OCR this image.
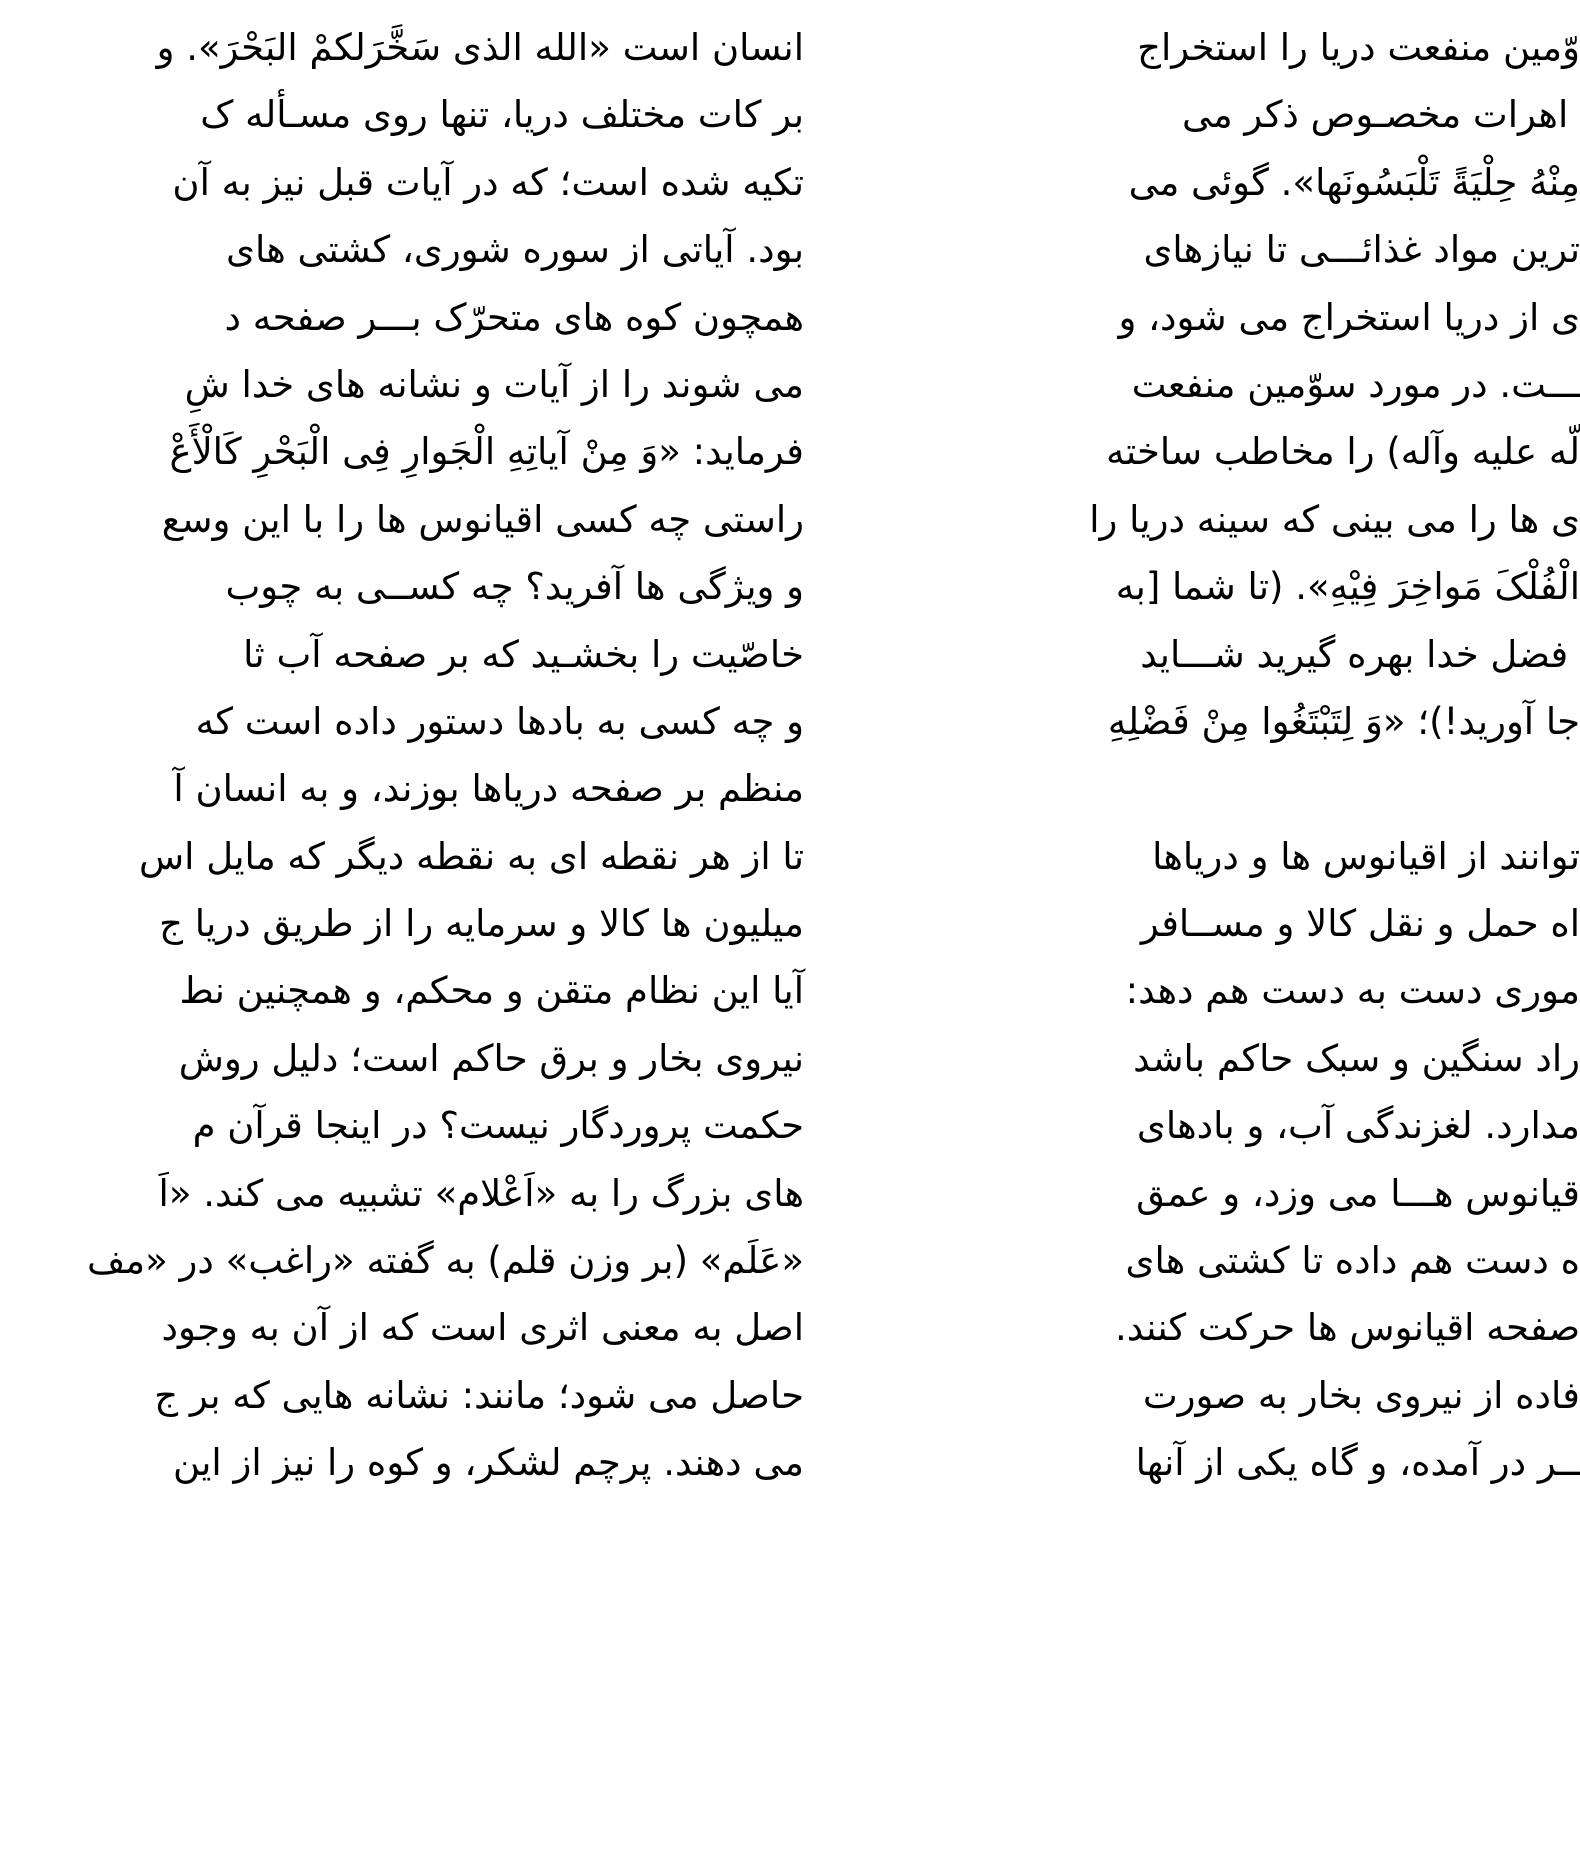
انسان است «الله الذی سَخَّرَلکمْ البَحْرَ». و
بر کات مختلف دریا، تنها روی مسـأله ک
تکیه شده است؛ که در آیات قبل نیز به آن
بود. آیاتی از سوره شوری، کشتی های
همچون کوه های متحرّک بـــر صفحه د
می شوند را از آیات و نشانه های خدا شِ
فرماید: «وَ مِنْ آیاتِهِ الْجَوارِ فِی الْبَحْرِ کَالْأَعْ
راستی چه کسی اقیانوس ها را با این وسع
و ویژگی ها آفرید؟ چه کســی به چوب
خاصّیت را بخشـید که بر صفحه آب ثا
و چه کسی به بادها دستور داده است که
منظم بر صفحه دریاها بوزند، و به انسان آ
تا از هر نقطه ای به نقطه دیگر که مایل اس
میلیون ها کالا و سرمایه را از طریق دریا ج
آیا این نظام متقن و محکم، و همچنین نط
نیروی بخار و برق حاکم است؛ دلیل روش
حکمت پروردگار نیست؟ در اینجا قرآن م
های بزرگ را به «اَعْلام» تشبیه می کند. «اَ
«عَلَم» (بر وزن قلم) به گفته «راغب» در «مف
اصل به معنی اثری است که از آن به وجود
حاصل می شود؛ مانند: نشانه هایی که بر ج
می دهند. پرچم لشکر، و کوه را نیز از این
وّمین منفعت دریا را استخراج
ِ اهرات مخصـوص ذکر می
مِنْهُ حِلْیَةً تَلْبَسُونَها». گوئی می
ترین مواد غذائـــی تا نیازهای
ی از دریا استخراج می شود، و
ـــت. در مورد سوّمین منفعت
لّه علیه وآله) را مخاطب ساخته
ی ها را می بینی که سینه دریا را
الْفُلْکَ مَواخِرَ فِیْهِ». (تا شما [به
ِ فضل خدا بهره گیرید شـــاید
جا آورید!)؛ «وَ لِتَبْتَغُوا مِنْ فَضْلِهِ
توانند از اقیانوس ها و دریاها
اه حمل و نقل کالا و مســافر
موری دست به دست هم دهد:
راد سنگین و سبک حاکم باشد
مدارد. لغزندگی آب، و بادهای
قیانوس هـــا می وزد، و عمق
ه دست هم داده تا کشتی های
صفحه اقیانوس ها حرکت کنند.
فاده از نیروی بخار به صورت
ــر در آمده، و گاه یکی از آنها
